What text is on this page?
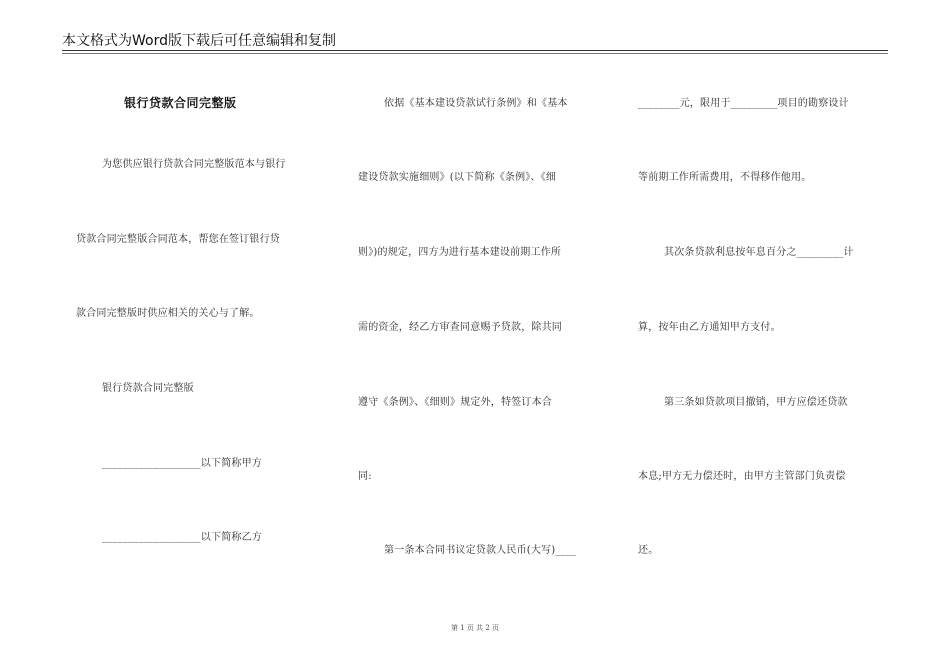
本文格式为Word版下载后可任意编辑和复制
银行贷款合同完整版
为您供应银行贷款合同完整版范本与银行
贷款合同完整版合同范本，帮您在签订银行贷
款合同完整版时供应相关的关心与了解。
银行贷款合同完整版
___________________以下简称甲方
___________________以下简称乙方
依据《基本建设贷款试行条例》和《基本
建设贷款实施细则》(以下简称《条例》、《细
则》)的规定，四方为进行基本建设前期工作所
需的资金，经乙方审查同意赐予贷款，除共同
遵守《条例》、《细则》规定外，特签订本合
同:
第一条本合同书议定贷款人民币(大写)____
________元，限用于_________项目的勘察设计
等前期工作所需费用，不得移作他用。
其次条贷款利息按年息百分之_________计
算，按年由乙方通知甲方支付。
第三条如贷款项目撤销，甲方应偿还贷款
本息;甲方无力偿还时，由甲方主管部门负责偿
还。
第 1 页 共 2 页
